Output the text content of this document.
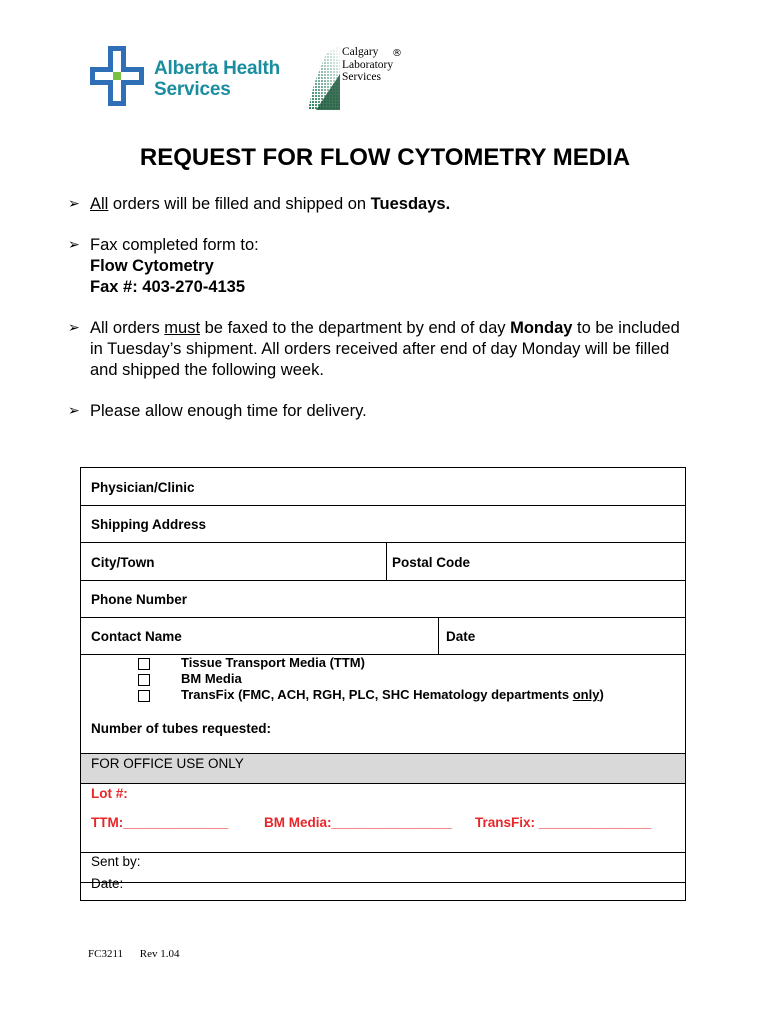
Alberta Health
Services
Calgary
Laboratory
Services
®
REQUEST FOR FLOW CYTOMETRY MEDIA
➢ All orders will be filled and shipped on Tuesdays.
➢ Fax completed form to:
Flow Cytometry
Fax #: 403-270-4135
➢ All orders must be faxed to the department by end of day Monday to be included in Tuesday’s shipment. All orders received after end of day Monday will be filled and shipped the following week.
➢ Please allow enough time for delivery.
Physician/Clinic
Shipping Address
City/Town	Postal Code
Phone Number
Contact Name	Date
Tissue Transport Media (TTM)
BM Media
TransFix (FMC, ACH, RGH, PLC, SHC Hematology departments only)
Number of tubes requested:
FOR OFFICE USE ONLY
Lot #:
TTM:______________	BM Media:________________ TransFix: _______________
Sent by:
Date:
FC3211 Rev 1.04
